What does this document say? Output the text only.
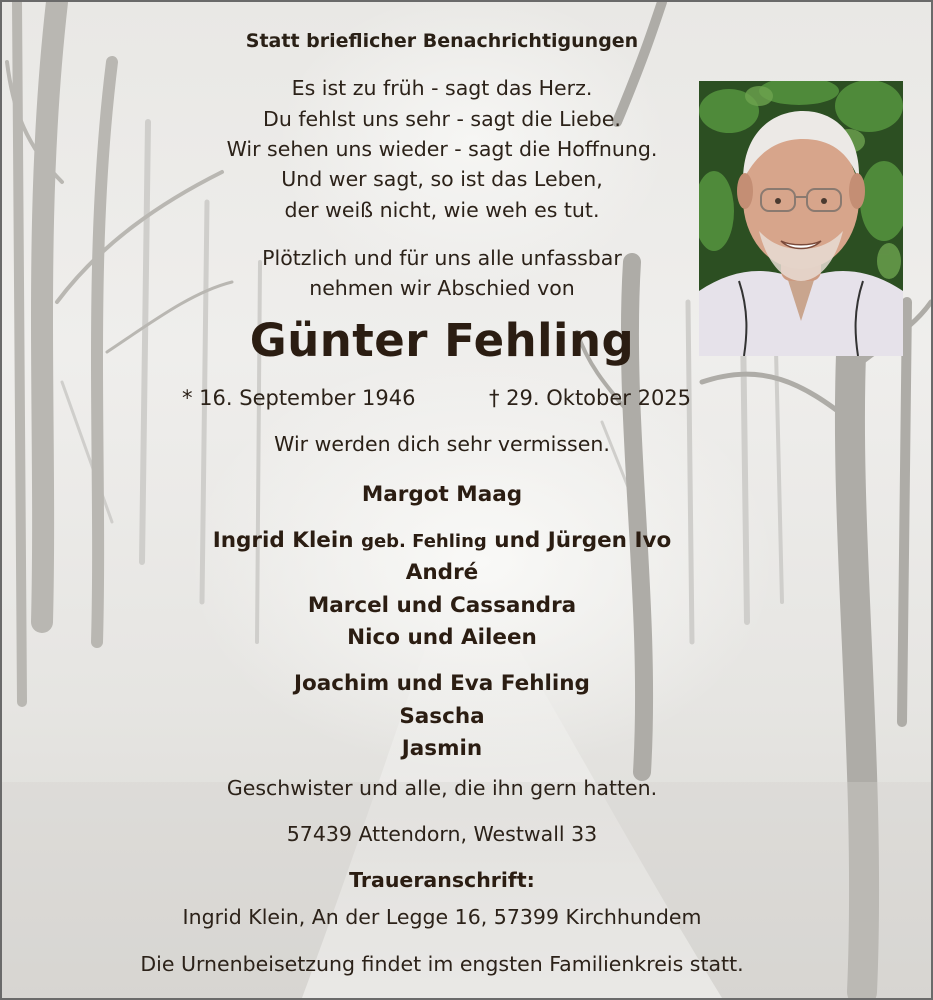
Statt brieflicher Benachrichtigungen
Es ist zu früh - sagt das Herz.
Du fehlst uns sehr - sagt die Liebe.
Wir sehen uns wieder - sagt die Hoffnung.
Und wer sagt, so ist das Leben,
der weiß nicht, wie weh es tut.
Plötzlich und für uns alle unfassbar
nehmen wir Abschied von
Günter Fehling
* 16. September 1946	† 29. Oktober 2025
Wir werden dich sehr vermissen.
Margot Maag
Ingrid Klein geb. Fehling und Jürgen Ivo
André
Marcel und Cassandra
Nico und Aileen
Joachim und Eva Fehling
Sascha
Jasmin
Geschwister und alle, die ihn gern hatten.
57439 Attendorn, Westwall 33
Traueranschrift:
Ingrid Klein, An der Legge 16, 57399 Kirchhundem
Die Urnenbeisetzung findet im engsten Familienkreis statt.
